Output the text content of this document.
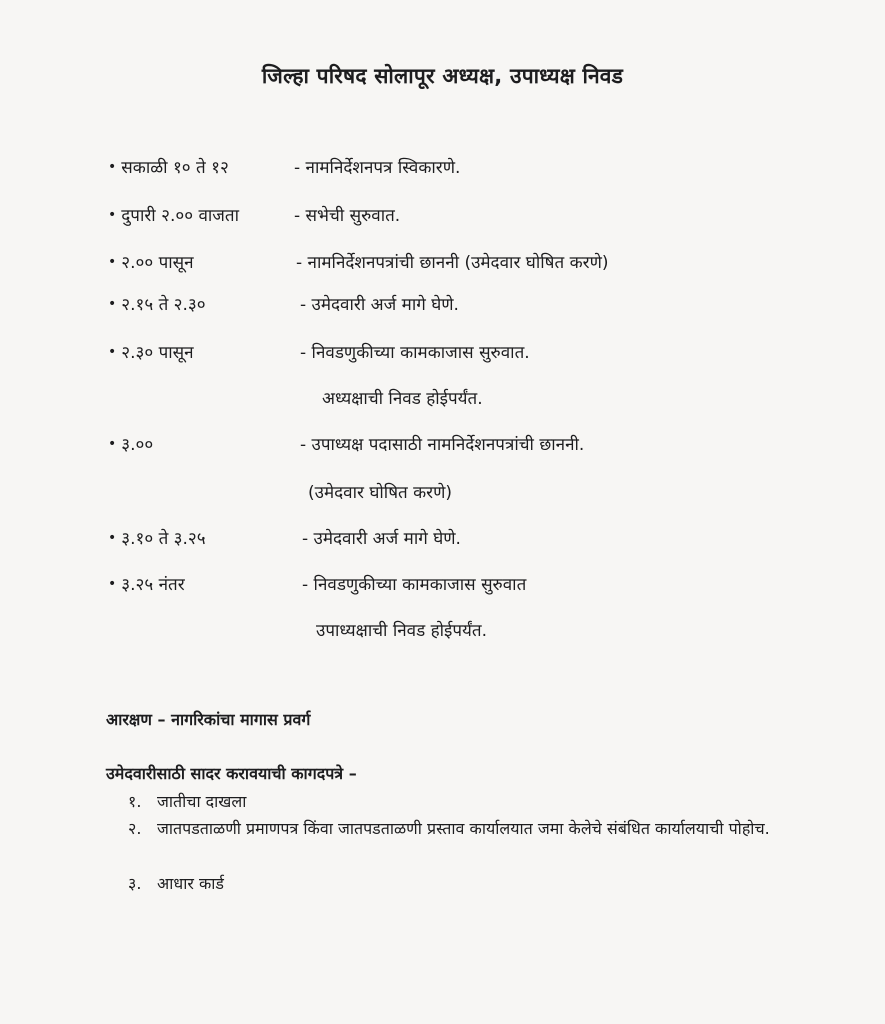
जिल्हा परिषद सोलापूर अध्यक्ष, उपाध्यक्ष निवड
• सकाळी १० ते १२	- नामनिर्देशनपत्र स्विकारणे.
• दुपारी २.०० वाजता	- सभेची सुरुवात.
• २.०० पासून	- नामनिर्देशनपत्रांची छाननी (उमेदवार घोषित करणे)
• २.१५ ते २.३०	- उमेदवारी अर्ज मागे घेणे.
• २.३० पासून	- निवडणुकीच्या कामकाजास सुरुवात.
अध्यक्षाची निवड होईपर्यंत.
• ३.००	- उपाध्यक्ष पदासाठी नामनिर्देशनपत्रांची छाननी.
(उमेदवार घोषित करणे)
• ३.१० ते ३.२५	- उमेदवारी अर्ज मागे घेणे.
• ३.२५ नंतर	- निवडणुकीच्या कामकाजास सुरुवात
उपाध्यक्षाची निवड होईपर्यंत.
आरक्षण – नागरिकांचा मागास प्रवर्ग
उमेदवारीसाठी सादर करावयाची कागदपत्रे –
१. जातीचा दाखला
२. जातपडताळणी प्रमाणपत्र किंवा जातपडताळणी प्रस्ताव कार्यालयात जमा केलेचे संबंधित कार्यालयाची पोहोच.
३. आधार कार्ड
